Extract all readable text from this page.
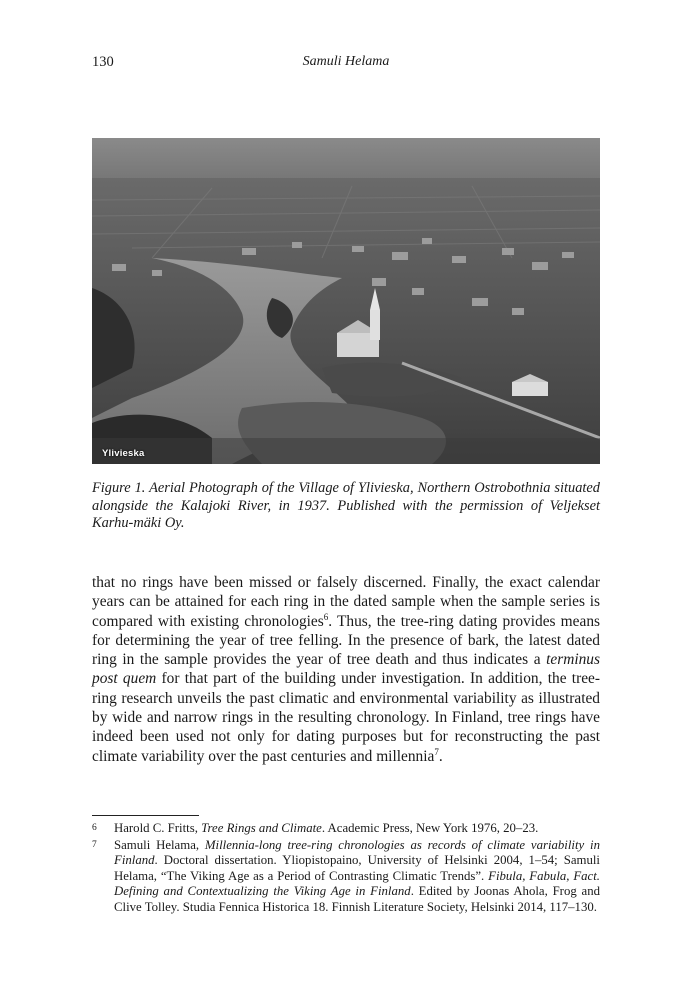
130	Samuli Helama
Ylivieska

Figure 1. Aerial Photograph of the Village of Ylivieska, Northern Ostrobothnia situated alongside the Kalajoki River, in 1937. Published with the permission of Veljekset Karhu-mäki Oy.

that no rings have been missed or falsely discerned. Finally, the exact calendar years can be attained for each ring in the dated sample when the sample series is compared with existing chronologies$^6$. Thus, the tree-ring dating provides means for determining the year of tree felling. In the presence of bark, the latest dated ring in the sample provides the year of tree death and thus indicates a terminus post quem for that part of the building under investigation. In addition, the tree-ring research unveils the past climatic and environmental variability as illustrated by wide and narrow rings in the resulting chronology. In Finland, tree rings have indeed been used not only for dating purposes but for reconstructing the past climate variability over the past centuries and millennia$^7$.

6	Harold C. Fritts, Tree Rings and Climate. Academic Press, New York 1976, 20–23.
7	Samuli Helama, Millennia-long tree-ring chronologies as records of climate variability in Finland. Doctoral dissertation. Yliopistopaino, University of Helsinki 2004, 1–54; Samuli Helama, “The Viking Age as a Period of Contrasting Climatic Trends”. Fibula, Fabula, Fact. Defining and Contextualizing the Viking Age in Finland. Edited by Joonas Ahola, Frog and Clive Tolley. Studia Fennica Historica 18. Finnish Literature Society, Helsinki 2014, 117–130.
